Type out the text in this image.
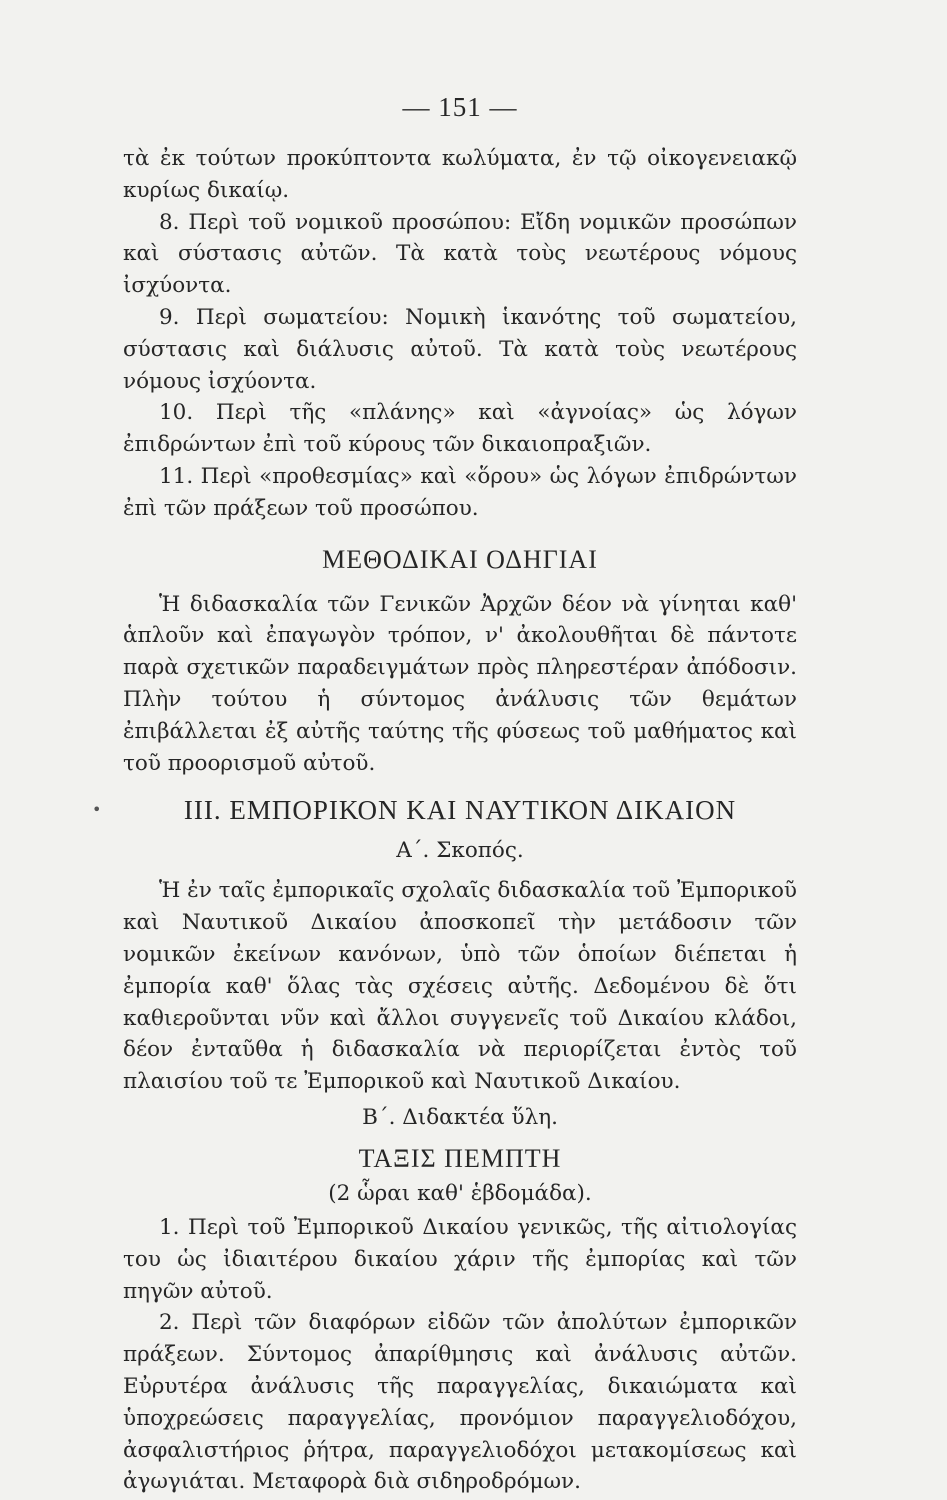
— 151 —

τὰ ἐκ τούτων προκύπτοντα κωλύματα, ἐν τῷ οἰκογενειακῷ κυρίως δικαίῳ.

8. Περὶ τοῦ νομικοῦ προσώπου: Εἴδη νομικῶν προσώπων καὶ σύστασις αὐτῶν. Τὰ κατὰ τοὺς νεωτέρους νόμους ἰσχύοντα.

9. Περὶ σωματείου: Νομικὴ ἱκανότης τοῦ σωματείου, σύστασις καὶ διάλυσις αὐτοῦ. Τὰ κατὰ τοὺς νεωτέρους νόμους ἰσχύοντα.

10. Περὶ τῆς «πλάνης» καὶ «ἀγνοίας» ὡς λόγων ἐπιδρώντων ἐπὶ τοῦ κύρους τῶν δικαιοπραξιῶν.

11. Περὶ «προθεσμίας» καὶ «ὅρου» ὡς λόγων ἐπιδρώντων ἐπὶ τῶν πράξεων τοῦ προσώπου.

ΜΕΘΟΔΙΚΑΙ ΟΔΗΓΙΑΙ

Ἡ διδασκαλία τῶν Γενικῶν Ἀρχῶν δέον νὰ γίνηται καθ' ἁπλοῦν καὶ ἐπαγωγὸν τρόπον, ν' ἀκολουθῆται δὲ πάντοτε παρὰ σχετικῶν παραδειγμάτων πρὸς πληρεστέραν ἀπόδοσιν. Πλὴν τούτου ἡ σύντομος ἀνάλυσις τῶν θεμάτων ἐπιβάλλεται ἐξ αὐτῆς ταύτης τῆς φύσεως τοῦ μαθήματος καὶ τοῦ προορισμοῦ αὐτοῦ.

ΙΙΙ. ΕΜΠΟΡΙΚΟΝ ΚΑΙ ΝΑΥΤΙΚΟΝ ΔΙΚΑΙΟΝ
Α΄. Σκοπός.

Ἡ ἐν ταῖς ἐμπορικαῖς σχολαῖς διδασκαλία τοῦ Ἐμπορικοῦ καὶ Ναυτικοῦ Δικαίου ἀποσκοπεῖ τὴν μετάδοσιν τῶν νομικῶν ἐκείνων κανόνων, ὑπὸ τῶν ὁποίων διέπεται ἡ ἐμπορία καθ' ὅλας τὰς σχέσεις αὐτῆς. Δεδομένου δὲ ὅτι καθιεροῦνται νῦν καὶ ἄλλοι συγγενεῖς τοῦ Δικαίου κλάδοι, δέον ἐνταῦθα ἡ διδασκαλία νὰ περιορίζεται ἐντὸς τοῦ πλαισίου τοῦ τε Ἐμπορικοῦ καὶ Ναυτικοῦ Δικαίου.

Β΄. Διδακτέα ὕλη.
ΤΑΞΙΣ ΠΕΜΠΤΗ
(2 ὧραι καθ' ἑβδομάδα).

1. Περὶ τοῦ Ἐμπορικοῦ Δικαίου γενικῶς, τῆς αἰτιολογίας του ὡς ἰδιαιτέρου δικαίου χάριν τῆς ἐμπορίας καὶ τῶν πηγῶν αὐτοῦ.

2. Περὶ τῶν διαφόρων εἰδῶν τῶν ἀπολύτων ἐμπορικῶν πράξεων. Σύντομος ἀπαρίθμησις καὶ ἀνάλυσις αὐτῶν. Εὐρυτέρα ἀνάλυσις τῆς παραγγελίας, δικαιώματα καὶ ὑποχρεώσεις παραγγελίας, προνόμιον παραγγελιοδόχου, ἀσφαλιστήριος ῥήτρα, παραγγελιοδόχοι μετακομίσεως καὶ ἀγωγιάται. Μεταφορὰ διὰ σιδηροδρόμων.

•
